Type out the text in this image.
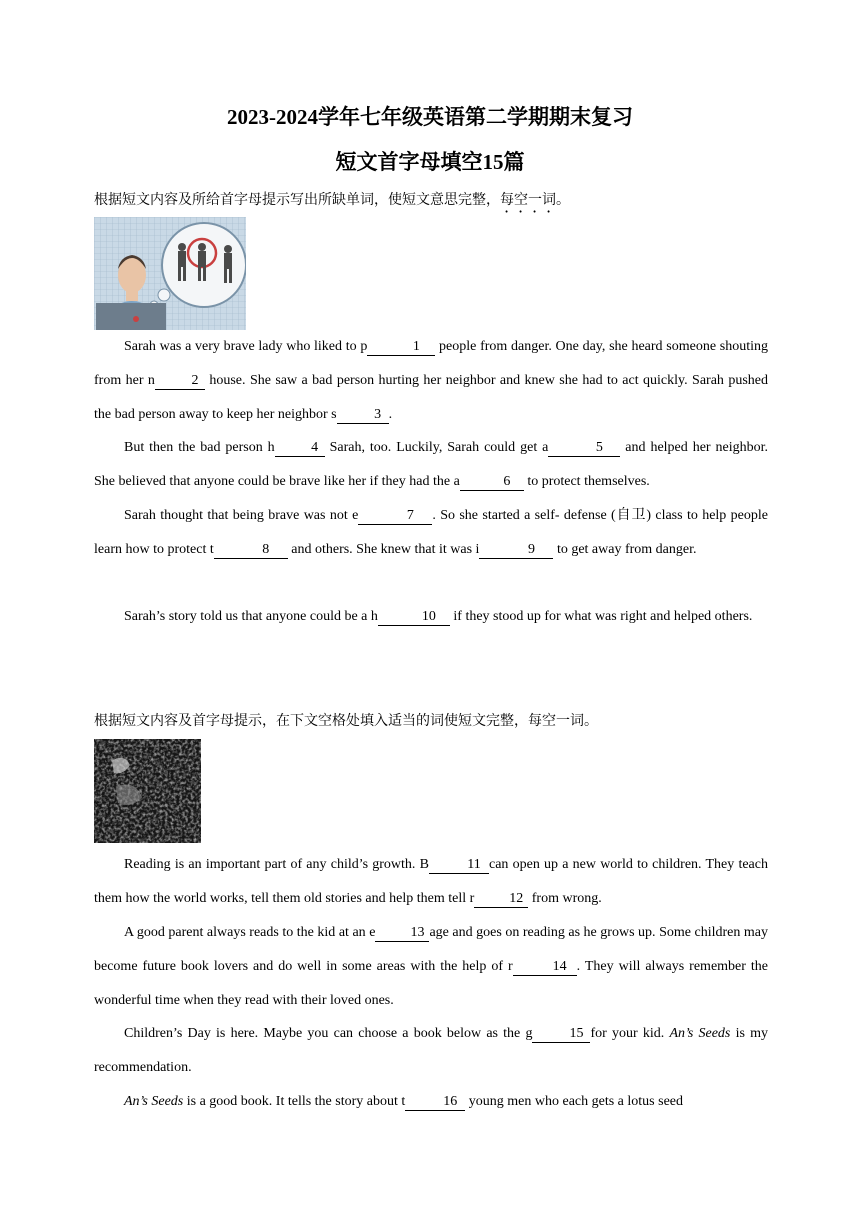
2023-2024学年七年级英语第二学期期末复习
短文首字母填空15篇
根据短文内容及所给首字母提示写出所缺单词，使短文意思完整，每空一词。

Sarah was a very brave lady who liked to p	1 people from danger. One day, she heard someone shouting from her n	2 house. She saw a bad person hurting her neighbor and knew she had to act quickly. Sarah pushed the bad person away to keep her neighbor s	3 .

But then the bad person h	4 Sarah, too. Luckily, Sarah could get a	5 and helped her neighbor. She believed that anyone could be brave like her if they had the a	6 to protect themselves.

Sarah thought that being brave was not e	7 . So she started a self- defense (自卫) class to help people learn how to protect t	8 and others. She knew that it was i	9 to get away from danger.

Sarah’s story told us that anyone could be a h	10 if they stood up for what was right and helped others.

根据短文内容及首字母提示，在下文空格处填入适当的词使短文完整，每空一词。

Reading is an important part of any child’s growth. B	11 can open up a new world to children. They teach them how the world works, tell them old stories and help them tell r	12 from wrong.

A good parent always reads to the kid at an e	13 age and goes on reading as he grows up. Some children may become future book lovers and do well in some areas with the help of r	14 . They will always remember the wonderful time when they read with their loved ones.

Children’s Day is here. Maybe you can choose a book below as the g	15 for your kid. An’s Seeds is my recommendation.

An’s Seeds is a good book. It tells the story about t	16 young men who each gets a lotus seed
